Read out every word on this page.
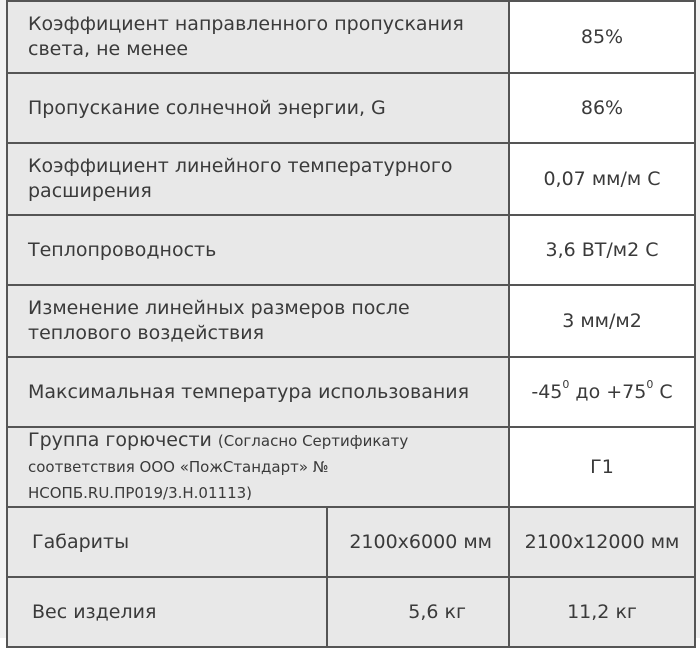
Коэффициент направленного пропускания света, не менее		85%
Пропускание солнечной энергии, G		86%
Коэффициент линейного температурного расширения		0,07 мм/м С
Теплопроводность		3,6 ВТ/м2 С
Изменение линейных размеров после теплового воздействия		3 мм/м2
Максимальная температура использования		$-45^0$ до $+75^0$ С
Группа горючести (Согласно Сертификату соответствия ООО «ПожСтандарт» № НСОПБ.RU.ПР019/3.Н.01113)		Г1
Габариты	2100х6000 мм	2100х12000 мм
Вес изделия	5,6 кг	11,2 кг
